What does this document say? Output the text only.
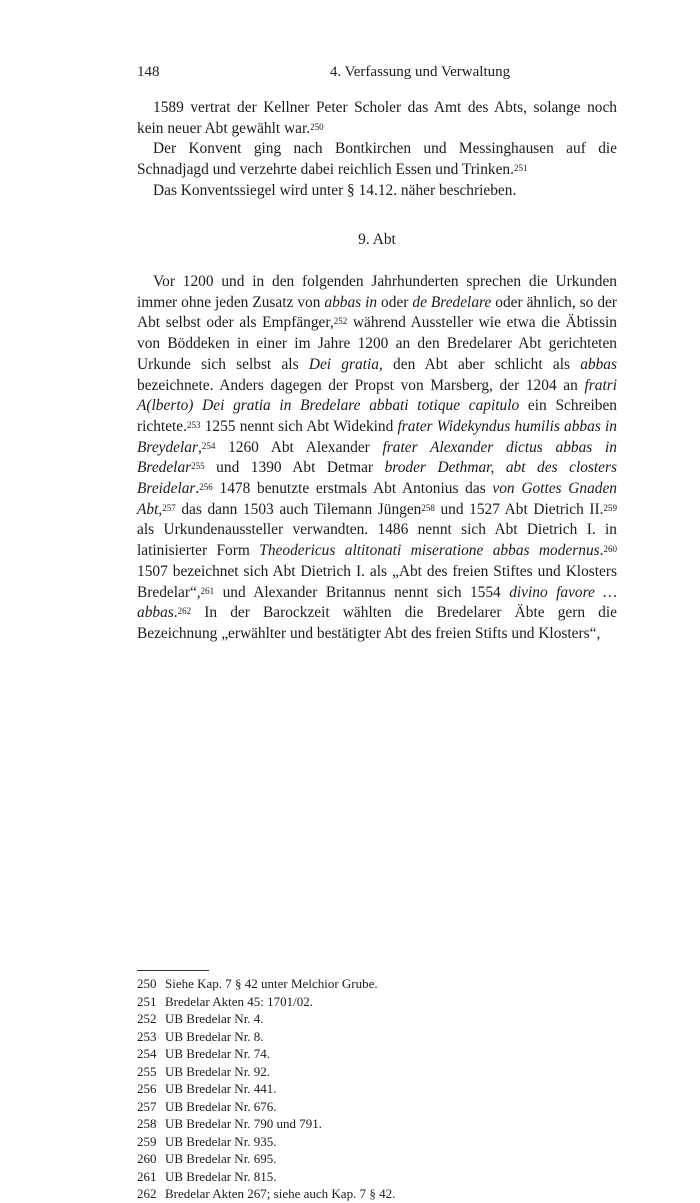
148	4. Verfassung und Verwaltung

1589 vertrat der Kellner Peter Scholer das Amt des Abts, solange noch kein neuer Abt gewählt war.$^{250}$

Der Konvent ging nach Bontkirchen und Messinghausen auf die Schnadjagd und verzehrte dabei reichlich Essen und Trinken.$^{251}$

Das Konventssiegel wird unter § 14.12. näher beschrieben.

9. Abt

Vor 1200 und in den folgenden Jahrhunderten sprechen die Urkunden immer ohne jeden Zusatz von abbas in oder de Bredelare oder ähnlich, so der Abt selbst oder als Empfänger,$^{252}$ während Aussteller wie etwa die Äbtissin von Böddeken in einer im Jahre 1200 an den Bredelarer Abt gerichteten Urkunde sich selbst als Dei gratia, den Abt aber schlicht als abbas bezeichnete. Anders dagegen der Propst von Marsberg, der 1204 an fratri A(lberto) Dei gratia in Bredelare abbati totique capitulo ein Schreiben richtete.$^{253}$ 1255 nennt sich Abt Widekind frater Widekyndus humilis abbas in Breydelar,$^{254}$ 1260 Abt Alexander frater Alexander dictus abbas in Bredelar$^{255}$ und 1390 Abt Detmar broder Dethmar, abt des closters Breidelar.$^{256}$ 1478 benutzte erstmals Abt Antonius das von Gottes Gnaden Abt,$^{257}$ das dann 1503 auch Tilemann Jüngen$^{258}$ und 1527 Abt Dietrich II.$^{259}$ als Urkundenaussteller verwandten. 1486 nennt sich Abt Dietrich I. in latinisierter Form Theodericus altitonati miseratione abbas modernus.$^{260}$ 1507 bezeichnet sich Abt Dietrich I. als „Abt des freien Stiftes und Klosters Bredelar“,$^{261}$ und Alexander Britannus nennt sich 1554 divino favore … abbas.$^{262}$ In der Barockzeit wählten die Bredelarer Äbte gern die Bezeichnung „erwählter und bestätigter Abt des freien Stifts und Klosters“,

250 Siehe Kap. 7 § 42 unter Melchior Grube.
251 Bredelar Akten 45: 1701/02.
252 UB Bredelar Nr. 4.
253 UB Bredelar Nr. 8.
254 UB Bredelar Nr. 74.
255 UB Bredelar Nr. 92.
256 UB Bredelar Nr. 441.
257 UB Bredelar Nr. 676.
258 UB Bredelar Nr. 790 und 791.
259 UB Bredelar Nr. 935.
260 UB Bredelar Nr. 695.
261 UB Bredelar Nr. 815.
262 Bredelar Akten 267; siehe auch Kap. 7 § 42.
